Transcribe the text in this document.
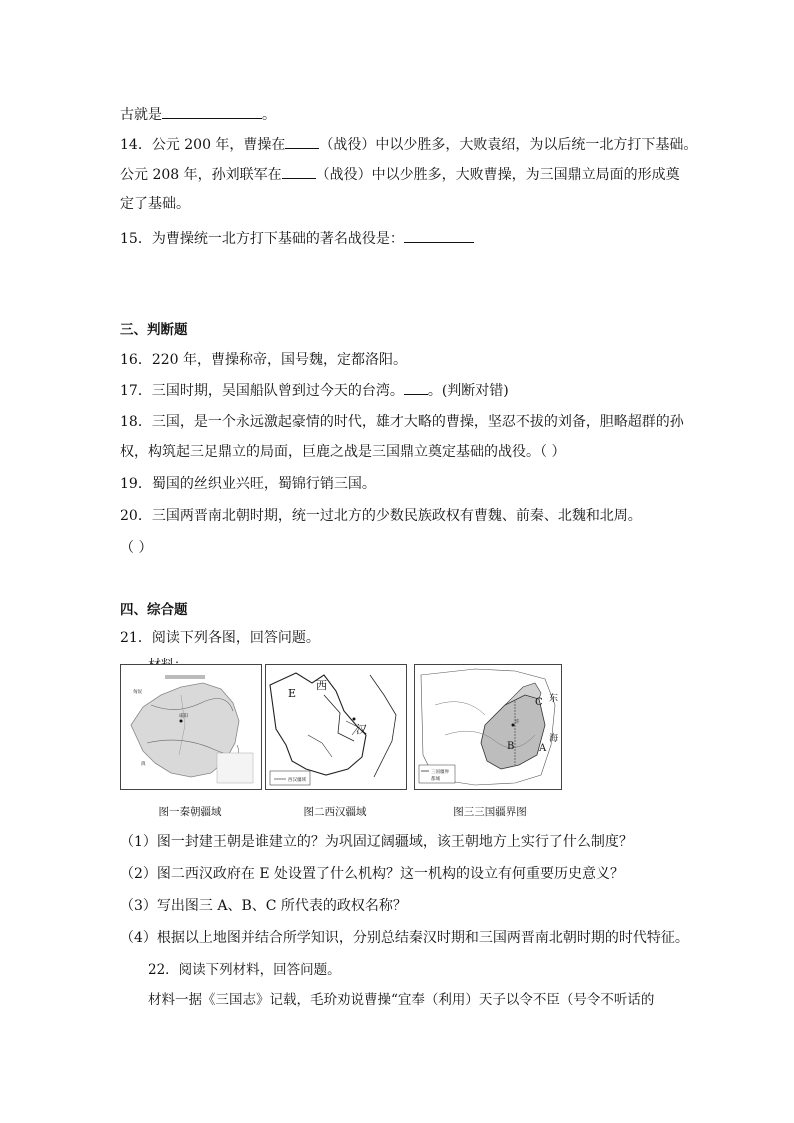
古就是	。
14．公元 200 年，曹操在 （战役）中以少胜多，大败袁绍，为以后统一北方打下基础。
公元 208 年，孙刘联军在 （战役）中以少胜多，大败曹操，为三国鼎立局面的形成奠
定了基础。
15．为曹操统一北方打下基础的著名战役是：
三、判断题
16．220 年，曹操称帝，国号魏，定都洛阳。
17．三国时期，吴国船队曾到过今天的台湾。 。(判断对错)
18．三国，是一个永远激起豪情的时代，雄才大略的曹操，坚忍不拔的刘备，胆略超群的孙
权，构筑起三足鼎立的局面，巨鹿之战是三国鼎立奠定基础的战役。（ ）
19．蜀国的丝织业兴旺，蜀锦行销三国。
20．三国两晋南北朝时期，统一过北方的少数民族政权有曹魏、前秦、北魏和北周。
（ ）
四、综合题
21．阅读下列各图，回答问题。
匈奴
咸阳
滇
图一秦朝疆域
西汉疆域
E
西
汉
图二西汉疆域
三国疆界
都城
C 东
许
B A
海
图三三国疆界图
（1）图一封建王朝是谁建立的？为巩固辽阔疆域，该王朝地方上实行了什么制度？
（2）图二西汉政府在 E 处设置了什么机构？这一机构的设立有何重要历史意义？
（3）写出图三 A、B、C 所代表的政权名称？
（4）根据以上地图并结合所学知识，分别总结秦汉时期和三国两晋南北朝时期的时代特征。
22．阅读下列材料，回答问题。
材料一据《三国志》记载，毛玠劝说曹操“宜奉（利用）天子以令不臣（号令不听话的
